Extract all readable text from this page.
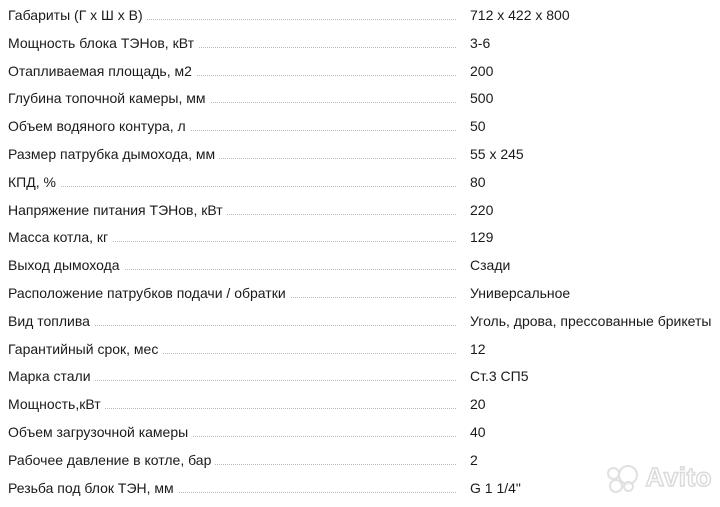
Габариты (Г х Ш х В)	712 х 422 х 800
Мощность блока ТЭНов, кВт	3-6
Отапливаемая площадь, м2	200
Глубина топочной камеры, мм	500
Объем водяного контура, л	50
Размер патрубка дымохода, мм	55 х 245
КПД, %	80
Напряжение питания ТЭНов, кВт	220
Масса котла, кг	129
Выход дымохода	Сзади
Расположение патрубков подачи / обратки	Универсальное
Вид топлива	Уголь, дрова, прессованные брикеты
Гарантийный срок, мес	12
Марка стали	Ст.3 СП5
Мощность,кВт	20
Объем загрузочной камеры	40
Рабочее давление в котле, бар	2
Резьба под блок ТЭН, мм	G 1 1/4"	Avito
